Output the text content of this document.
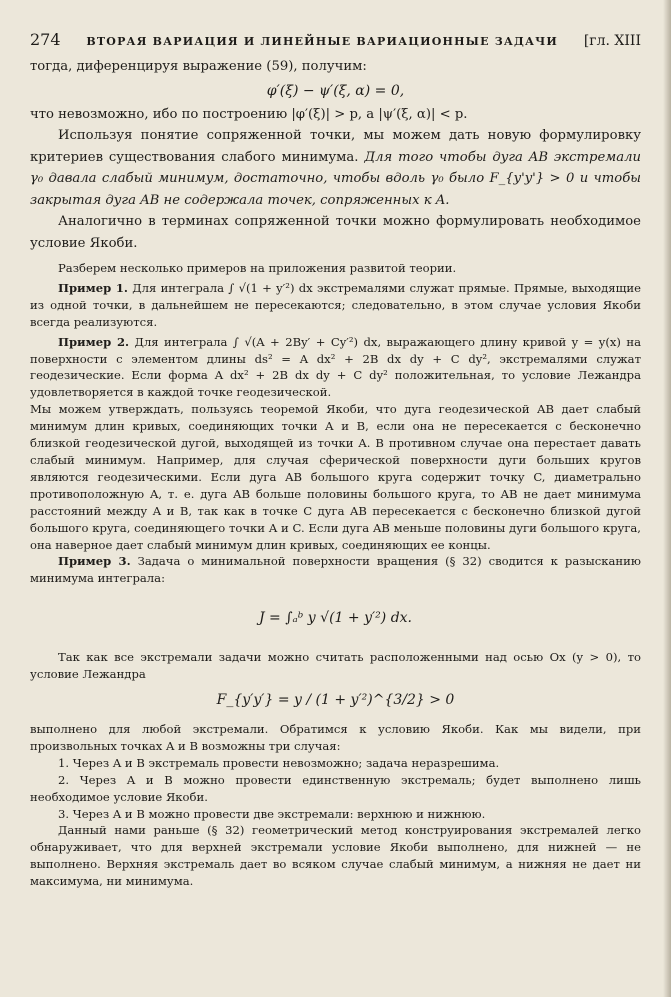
274 ВТОРАЯ ВАРИАЦИЯ И ЛИНЕЙНЫЕ ВАРИАЦИОННЫЕ ЗАДАЧИ [гл. XIII

тогда, диференцируя выражение (59), получим:

φ′(ξ) − ψ′(ξ, α) = 0,

что невозможно, ибо по построению |φ′(ξ)| > p, а |ψ′(ξ, α)| < p.

Используя понятие сопряженной точки, мы можем дать новую формулировку критериев существования слабого минимума. Для того чтобы дуга AB экстремали γ₀ давала слабый минимум, достаточно, чтобы вдоль γ₀ было F_{y'y'} > 0 и чтобы закрытая дуга AB не содержала точек, сопряженных к A.

Аналогично в терминах сопряженной точки можно формулировать необходимое условие Якоби.

Разберем несколько примеров на приложения развитой теории.

Пример 1. Для интеграла ∫ √(1 + y′²) dx экстремалями служат прямые. Прямые, выходящие из одной точки, в дальнейшем не пересекаются; следовательно, в этом случае условия Якоби всегда реализуются.

Пример 2. Для интеграла ∫ √(A + 2By′ + Cy′²) dx, выражающего длину кривой y = y(x) на поверхности с элементом длины ds² = A dx² + 2B dx dy + C dy², экстремалями служат геодезические. Если форма A dx² + 2B dx dy + C dy² положительная, то условие Лежандра удовлетворяется в каждой точке геодезической.

Мы можем утверждать, пользуясь теоремой Якоби, что дуга геодезической AB дает слабый минимум длин кривых, соединяющих точки A и B, если она не пересекается с бесконечно близкой геодезической дугой, выходящей из точки A. В противном случае она перестает давать слабый минимум. Например, для случая сферической поверхности дуги больших кругов являются геодезическими. Если дуга AB большого круга содержит точку C, диаметрально противоположную A, т. е. дуга AB больше половины большого круга, то AB не дает минимума расстояний между A и B, так как в точке C дуга AB пересекается с бесконечно близкой дугой большого круга, соединяющего точки A и C. Если дуга AB меньше половины дуги большого круга, она наверное дает слабый минимум длин кривых, соединяющих ее концы.

Пример 3. Задача о минимальной поверхности вращения (§ 32) сводится к разысканию минимума интеграла:

J = ∫ₐᵇ y √(1 + y′²) dx.

Так как все экстремали задачи можно считать расположенными над осью Ox (y > 0), то условие Лежандра

F_{y′y′} = y / (1 + y′²)^{3/2} > 0

выполнено для любой экстремали. Обратимся к условию Якоби. Как мы видели, при произвольных точках A и B возможны три случая:

1. Через A и B экстремаль провести невозможно; задача неразрешима.

2. Через A и B можно провести единственную экстремаль; будет выполнено лишь необходимое условие Якоби.

3. Через A и B можно провести две экстремали: верхнюю и нижнюю.

Данный нами раньше (§ 32) геометрический метод конструирования экстремалей легко обнаруживает, что для верхней экстремали условие Якоби выполнено, для нижней — не выполнено. Верхняя экстремаль дает во всяком случае слабый минимум, а нижняя не дает ни максимума, ни минимума.
